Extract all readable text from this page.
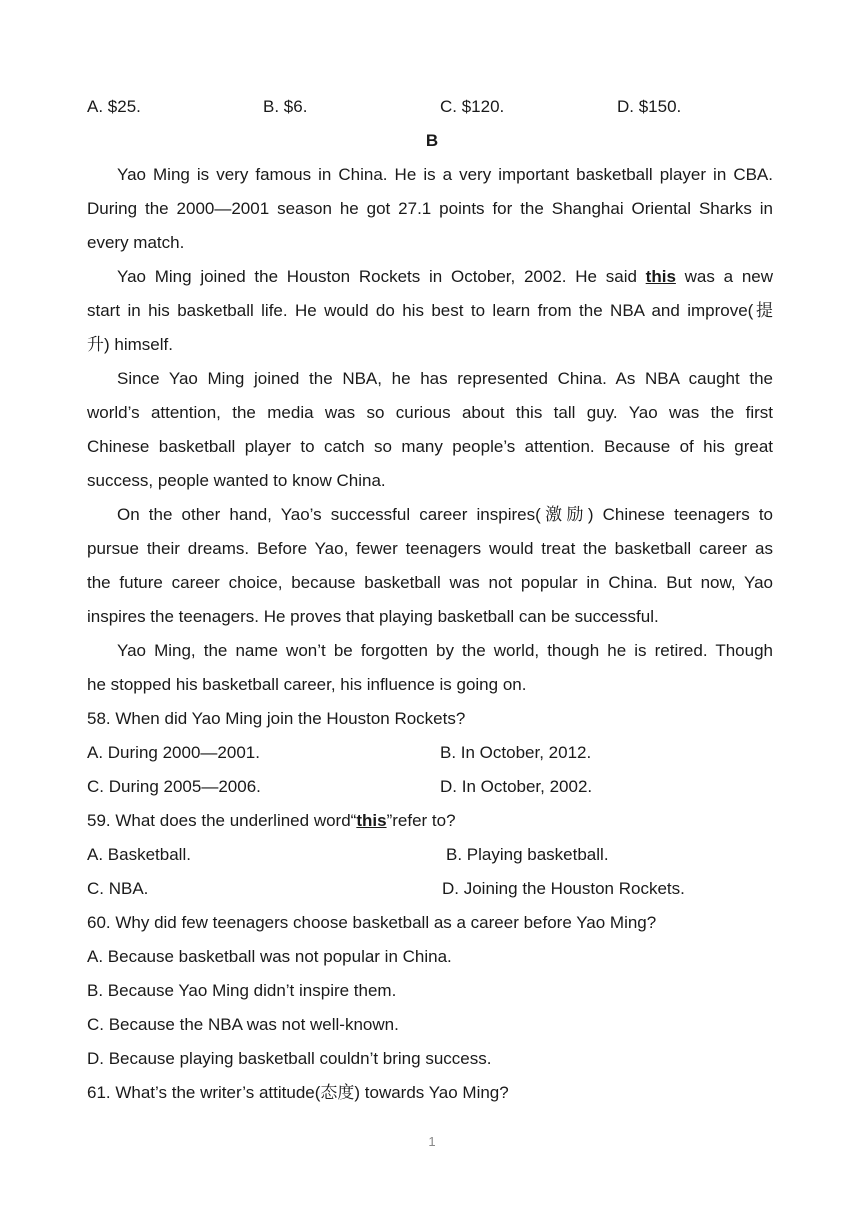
A. $25.	B. $6.	C. $120.	D. $150.
B
Yao Ming is very famous in China. He is a very important basketball player in CBA.
During the 2000—2001 season he got 27.1 points for the Shanghai Oriental Sharks in
every match.
Yao Ming joined the Houston Rockets in October, 2002. He said this was a new
start in his basketball life. He would do his best to learn from the NBA and improve(提
升) himself.
Since Yao Ming joined the NBA, he has represented China. As NBA caught the
world’s attention, the media was so curious about this tall guy. Yao was the first
Chinese basketball player to catch so many people’s attention. Because of his great
success, people wanted to know China.
On the other hand, Yao’s successful career inspires(激励) Chinese teenagers to
pursue their dreams. Before Yao, fewer teenagers would treat the basketball career as
the future career choice, because basketball was not popular in China. But now, Yao
inspires the teenagers. He proves that playing basketball can be successful.
Yao Ming, the name won’t be forgotten by the world, though he is retired. Though
he stopped his basketball career, his influence is going on.
58. When did Yao Ming join the Houston Rockets?
A. During 2000—2001.	B. In October, 2012.
C. During 2005—2006.	D. In October, 2002.
59. What does the underlined word“this”refer to?
A. Basketball.	B. Playing basketball.
C. NBA.	D. Joining the Houston Rockets.
60. Why did few teenagers choose basketball as a career before Yao Ming?
A. Because basketball was not popular in China.
B. Because Yao Ming didn’t inspire them.
C. Because the NBA was not well-known.
D. Because playing basketball couldn’t bring success.
61. What’s the writer’s attitude(态度) towards Yao Ming?
1
